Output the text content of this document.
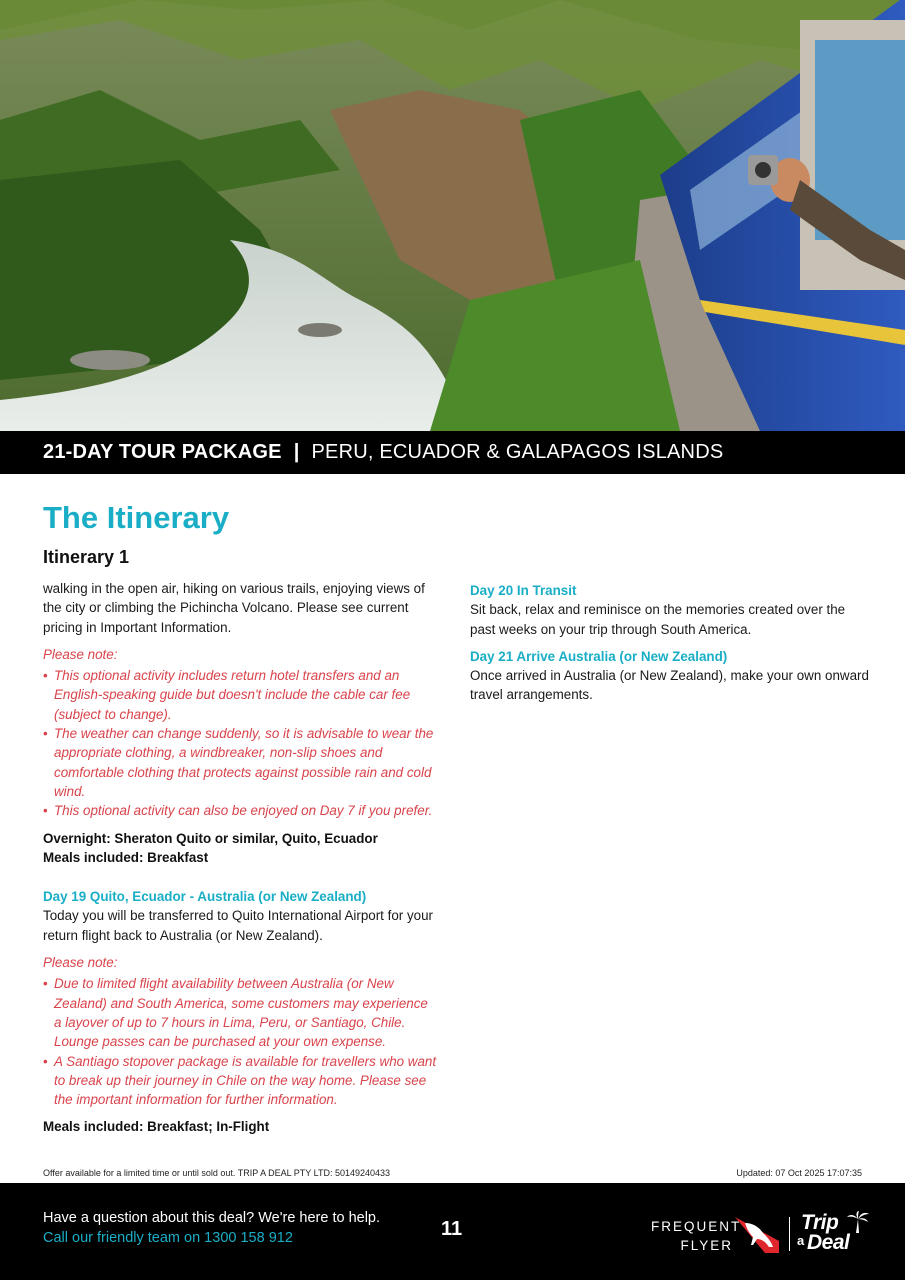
21-DAY TOUR PACKAGE | PERU, ECUADOR & GALAPAGOS ISLANDS
The Itinerary
Itinerary 1
walking in the open air, hiking on various trails, enjoying views of the city or climbing the Pichincha Volcano. Please see current pricing in Important Information.
Please note:
• This optional activity includes return hotel transfers and an English-speaking guide but doesn't include the cable car fee (subject to change).
• The weather can change suddenly, so it is advisable to wear the appropriate clothing, a windbreaker, non-slip shoes and comfortable clothing that protects against possible rain and cold wind.
• This optional activity can also be enjoyed on Day 7 if you prefer.
Overnight: Sheraton Quito or similar, Quito, Ecuador
Meals included: Breakfast
Day 19 Quito, Ecuador - Australia (or New Zealand)
Today you will be transferred to Quito International Airport for your return flight back to Australia (or New Zealand).
Please note:
• Due to limited flight availability between Australia (or New Zealand) and South America, some customers may experience a layover of up to 7 hours in Lima, Peru, or Santiago, Chile. Lounge passes can be purchased at your own expense.
• A Santiago stopover package is available for travellers who want to break up their journey in Chile on the way home. Please see the important information for further information.
Meals included: Breakfast; In-Flight
Day 20 In Transit
Sit back, relax and reminisce on the memories created over the past weeks on your trip through South America.
Day 21 Arrive Australia (or New Zealand)
Once arrived in Australia (or New Zealand), make your own onward travel arrangements.
Offer available for a limited time or until sold out. TRIP A DEAL PTY LTD: 50149240433	Updated: 07 Oct 2025 17:07:35
Have a question about this deal? We're here to help.
Call our friendly team on 1300 158 912	11	FREQUENT
FLYER
Trip
a Deal
